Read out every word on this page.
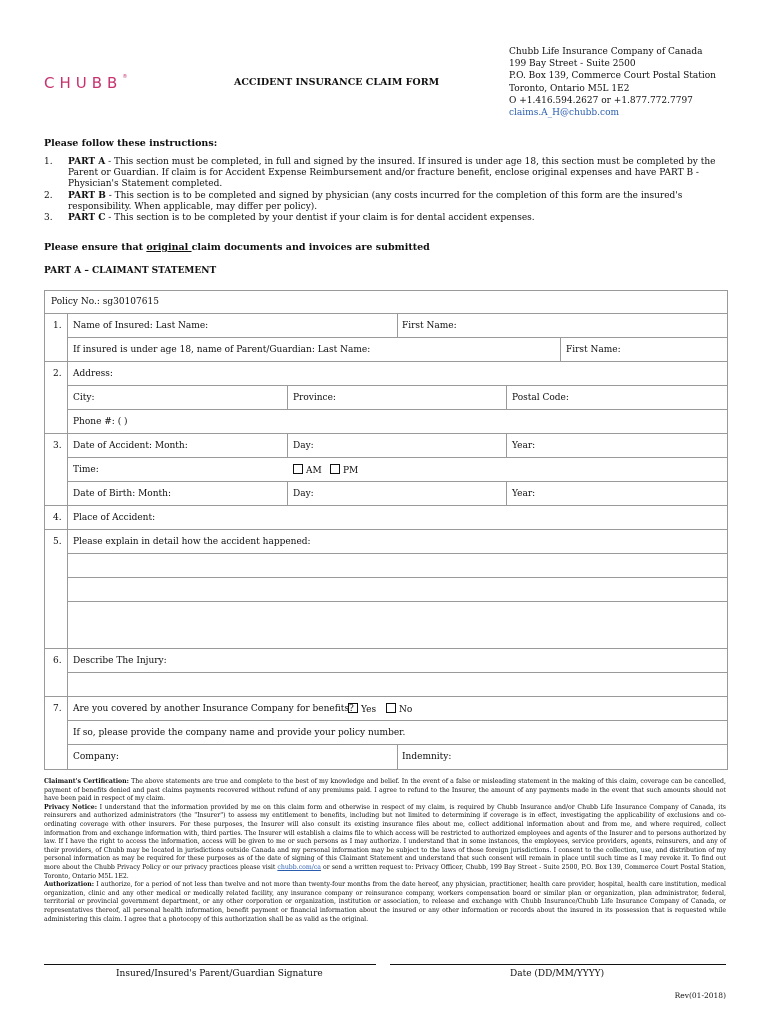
CHUBB®	ACCIDENT INSURANCE CLAIM FORM
Chubb Life Insurance Company of Canada
199 Bay Street - Suite 2500
P.O. Box 139, Commerce Court Postal Station
Toronto, Ontario M5L 1E2
O +1.416.594.2627 or +1.877.772.7797
claims.A_H@chubb.com
Please follow these instructions:
1. PART A - This section must be completed, in full and signed by the insured. If insured is under age 18, this section must be completed by the Parent or Guardian. If claim is for Accident Expense Reimbursement and/or fracture benefit, enclose original expenses and have PART B - Physician's Statement completed.
2. PART B - This section is to be completed and signed by physician (any costs incurred for the completion of this form are the insured's responsibility. When applicable, may differ per policy).
3. PART C - This section is to be completed by your dentist if your claim is for dental accident expenses.
Please ensure that original claim documents and invoices are submitted
PART A – CLAIMANT STATEMENT
Policy No.: sg30107615
1. Name of Insured: Last Name:	First Name:
If insured is under age 18, name of Parent/Guardian: Last Name:	First Name:
2. Address:
City:	Province:	Postal Code:
Phone #: ( )
3. Date of Accident: Month:	Day:	Year:
Time:	AM	PM
Date of Birth: Month:	Day:	Year:
4. Place of Accident:
5. Please explain in detail how the accident happened:
6. Describe The Injury:
7. Are you covered by another Insurance Company for benefits? Yes	No
If so, please provide the company name and provide your policy number.
Company:	Indemnity:

Claimant's Certification: The above statements are true and complete to the best of my knowledge and belief. In the event of a false or misleading statement in the making of this claim, coverage can be cancelled, payment of benefits denied and past claims payments recovered without refund of any premiums paid. I agree to refund to the Insurer, the amount of any payments made in the event that such amounts should not have been paid in respect of my claim.

Privacy Notice: I understand that the information provided by me on this claim form and otherwise in respect of my claim, is required by Chubb Insurance and/or Chubb Life Insurance Company of Canada, its reinsurers and authorized administrators (the "Insurer") to assess my entitlement to benefits, including but not limited to determining if coverage is in effect, investigating the applicability of exclusions and co-ordinating coverage with other insurers. For these purposes, the Insurer will also consult its existing insurance files about me, collect additional information about and from me, and where required, collect information from and exchange information with, third parties. The Insurer will establish a claims file to which access will be restricted to authorized employees and agents of the Insurer and to persons authorized by law. If I have the right to access the information, access will be given to me or such persons as I may authorize. I understand that in some instances, the employees, service providers, agents, reinsurers, and any of their providers, of Chubb may be located in jurisdictions outside Canada and my personal information may be subject to the laws of those foreign jurisdictions. I consent to the collection, use, and distribution of my personal information as may be required for these purposes as of the date of signing of this Claimant Statement and understand that such consent will remain in place until such time as I may revoke it. To find out more about the Chubb Privacy Policy or our privacy practices please visit chubb.com/ca or send a written request to: Privacy Officer, Chubb, 199 Bay Street - Suite 2500, P.O. Box 139, Commerce Court Postal Station, Toronto, Ontario M5L 1E2.

Authorization: I authorize, for a period of not less than twelve and not more than twenty-four months from the date hereof, any physician, practitioner, health care provider, hospital, health care institution, medical organization, clinic and any other medical or medically related facility, any insurance company or reinsurance company, workers compensation board or similar plan or organization, plan administrator, federal, territorial or provincial government department, or any other corporation or organization, institution or association, to release and exchange with Chubb Insurance/Chubb Life Insurance Company of Canada, or representatives thereof, all personal health information, benefit payment or financial information about the insured or any other information or records about the insured in its possession that is requested while administering this claim. I agree that a photocopy of this authorization shall be as valid as the original.

Insured/Insured's Parent/Guardian Signature	Date (DD/MM/YYYY)
Rev(01-2018)
